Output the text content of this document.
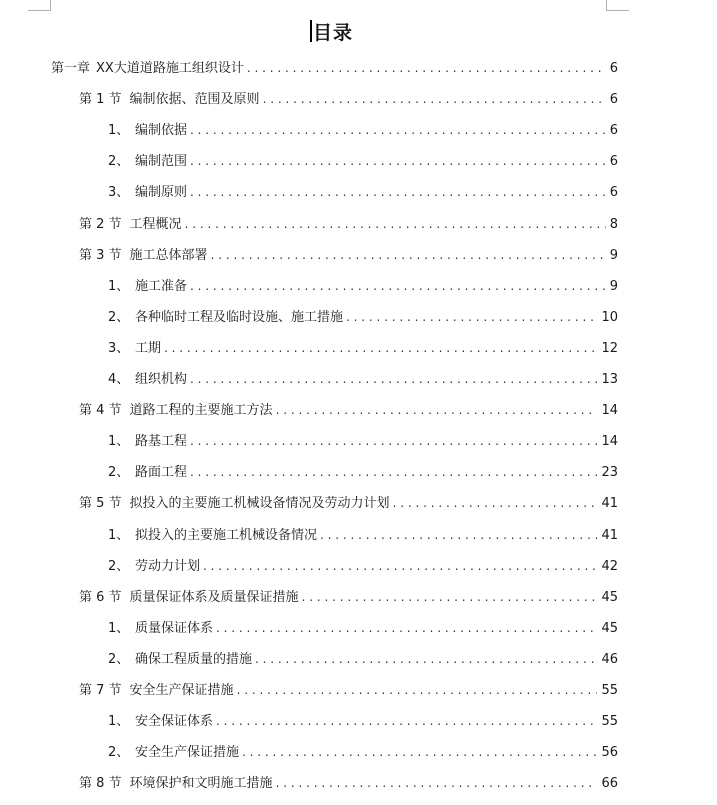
目录
第一章 XX大道道路施工组织设计 . . .	6
第 1 节 编制依据、范围及原则 . . .	6
1、 编制依据 . . .	6
2、 编制范围 . . .	6
3、 编制原则 . . .	6
第 2 节 工程概况 . . .	8
第 3 节 施工总体部署 . . .	9
1、 施工准备 . . .	9
2、 各种临时工程及临时设施、施工措施 . . .	10
3、 工期 . . .	12
4、 组织机构 . . .	13
第 4 节 道路工程的主要施工方法 . . .	14
1、 路基工程 . . .	14
2、 路面工程 . . .	23
第 5 节 拟投入的主要施工机械设备情况及劳动力计划 . . .	41
1、 拟投入的主要施工机械设备情况 . . .	41
2、 劳动力计划 . . .	42
第 6 节 质量保证体系及质量保证措施 . . .	45
1、 质量保证体系 . . .	45
2、 确保工程质量的措施 . . .	46
第 7 节 安全生产保证措施 . . .	55
1、 安全保证体系 . . .	55
2、 安全生产保证措施 . . .	56
第 8 节 环境保护和文明施工措施 . . .	66
